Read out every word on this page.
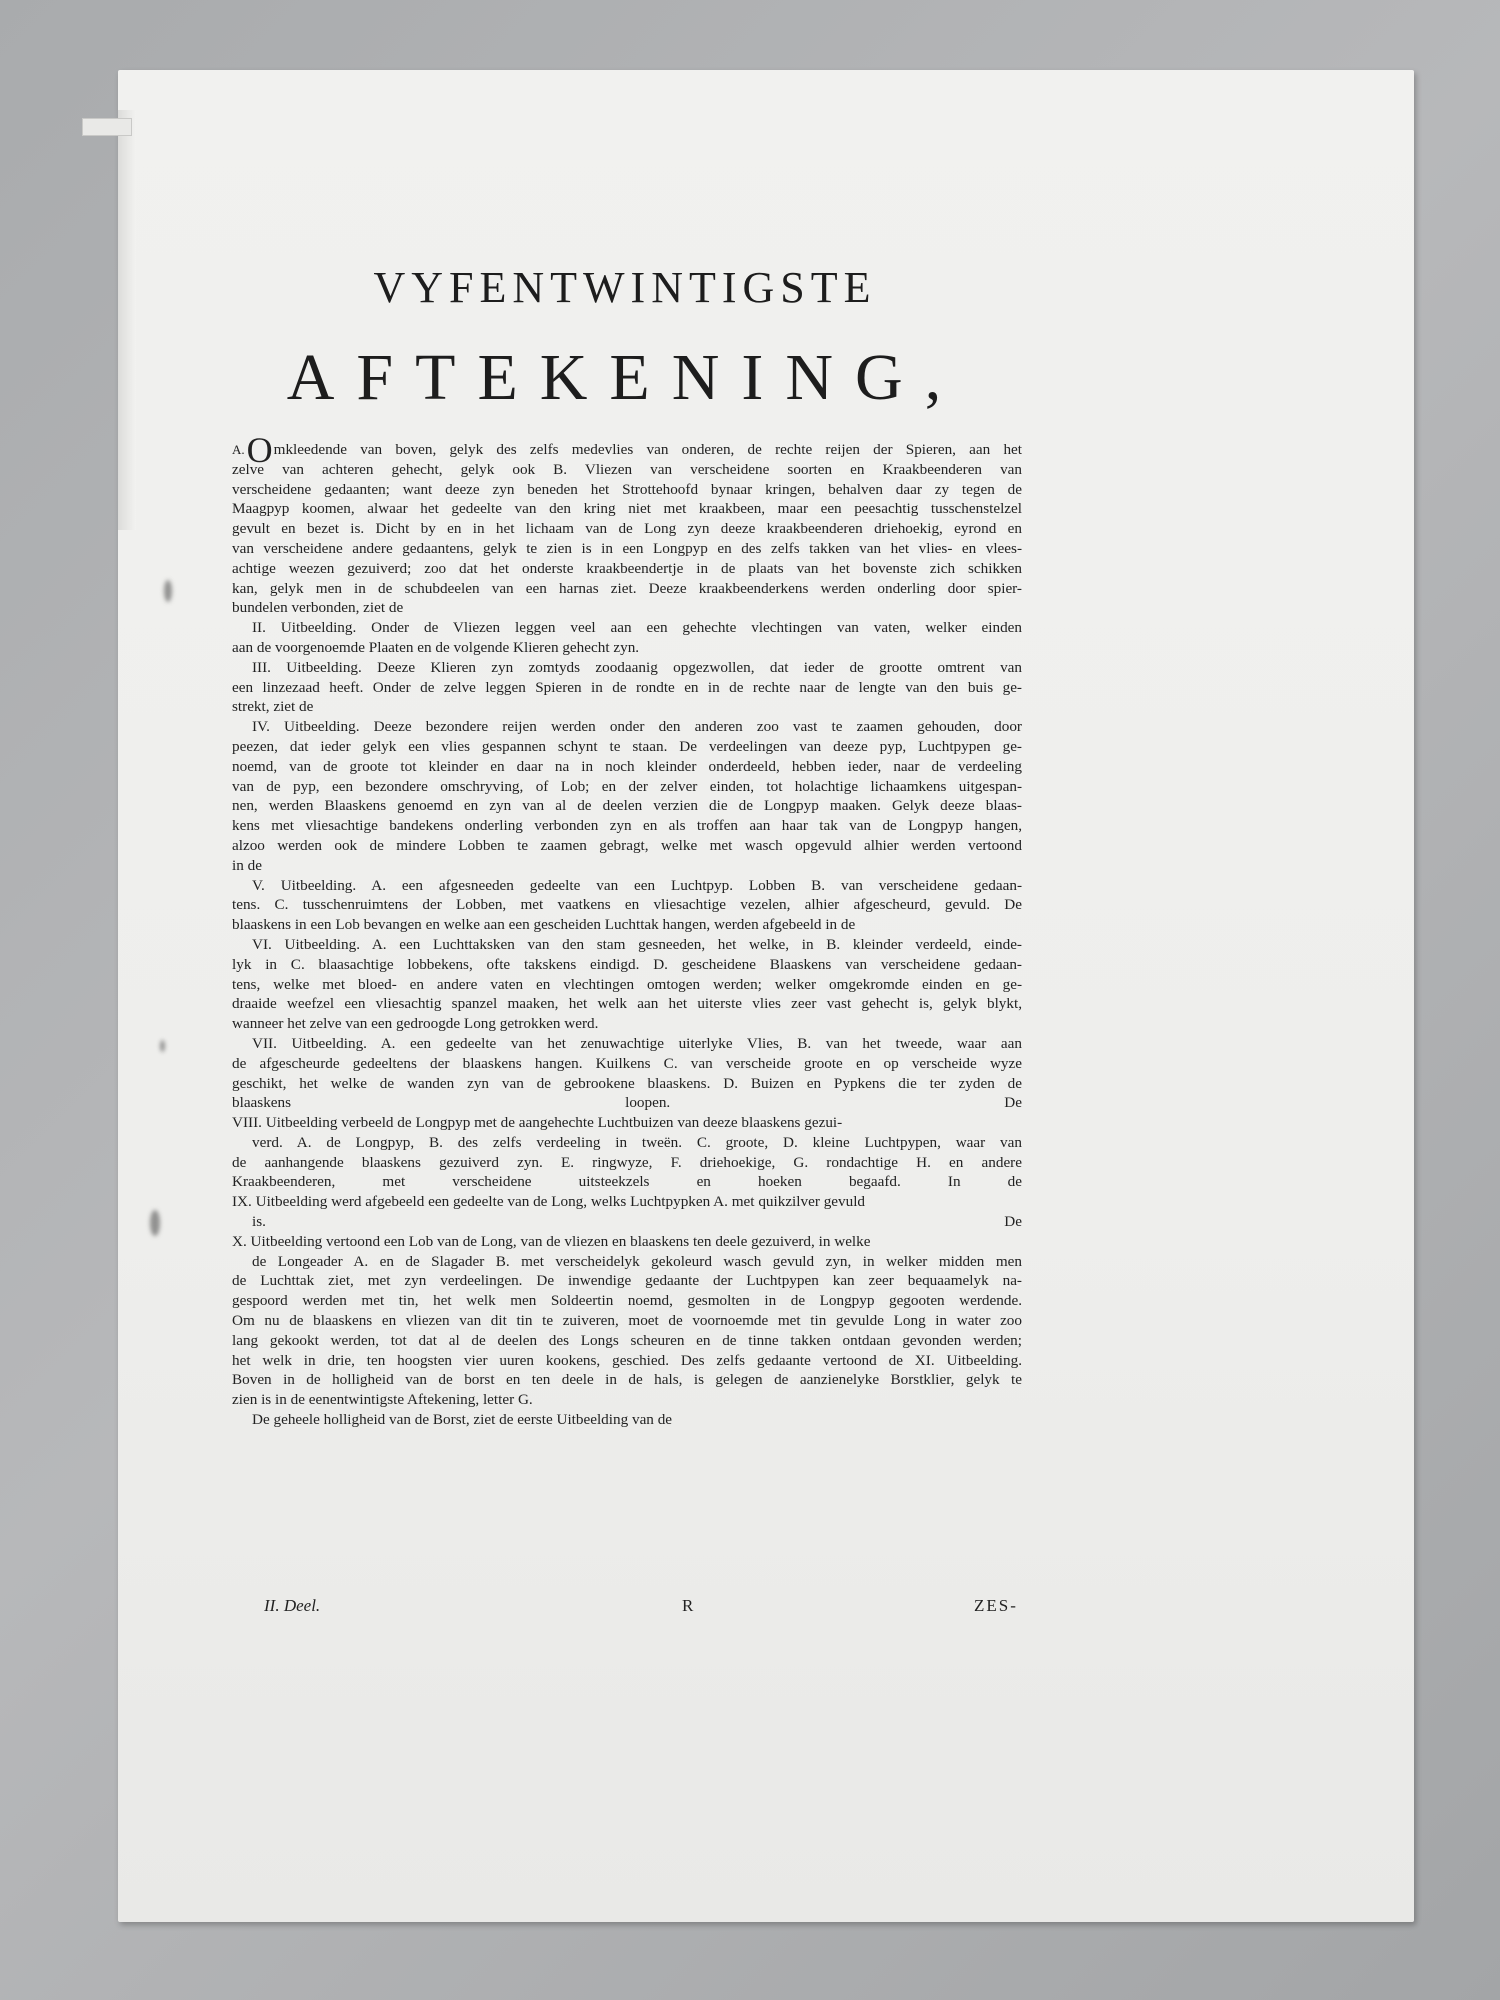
VYFENTWINTIGSTE
AFTEKENING,
A.Omkleedende van boven, gelyk des zelfs medevlies van onderen, de rechte reijen der Spieren, aan het
zelve van achteren gehecht, gelyk ook B. Vliezen van verscheidene soorten en Kraakbeenderen van
verscheidene gedaanten; want deeze zyn beneden het Strottehoofd bynaar kringen, behalven daar zy tegen de
Maagpyp koomen, alwaar het gedeelte van den kring niet met kraakbeen, maar een peesachtig tusschenstelzel
gevult en bezet is. Dicht by en in het lichaam van de Long zyn deeze kraakbeenderen driehoekig, eyrond en
van verscheidene andere gedaantens, gelyk te zien is in een Longpyp en des zelfs takken van het vlies- en vlees-
achtige weezen gezuiverd; zoo dat het onderste kraakbeendertje in de plaats van het bovenste zich schikken
kan, gelyk men in de schubdeelen van een harnas ziet. Deeze kraakbeenderkens werden onderling door spier-
bundelen verbonden, ziet de
II. Uitbeelding. Onder de Vliezen leggen veel aan een gehechte vlechtingen van vaten, welker einden
aan de voorgenoemde Plaaten en de volgende Klieren gehecht zyn.
III. Uitbeelding. Deeze Klieren zyn zomtyds zoodaanig opgezwollen, dat ieder de grootte omtrent van
een linzezaad heeft. Onder de zelve leggen Spieren in de rondte en in de rechte naar de lengte van den buis ge-
strekt, ziet de
IV. Uitbeelding. Deeze bezondere reijen werden onder den anderen zoo vast te zaamen gehouden, door
peezen, dat ieder gelyk een vlies gespannen schynt te staan. De verdeelingen van deeze pyp, Luchtpypen ge-
noemd, van de groote tot kleinder en daar na in noch kleinder onderdeeld, hebben ieder, naar de verdeeling
van de pyp, een bezondere omschryving, of Lob; en der zelver einden, tot holachtige lichaamkens uitgespan-
nen, werden Blaaskens genoemd en zyn van al de deelen verzien die de Longpyp maaken. Gelyk deeze blaas-
kens met vliesachtige bandekens onderling verbonden zyn en als troffen aan haar tak van de Longpyp hangen,
alzoo werden ook de mindere Lobben te zaamen gebragt, welke met wasch opgevuld alhier werden vertoond
in de
V. Uitbeelding. A. een afgesneeden gedeelte van een Luchtpyp. Lobben B. van verscheidene gedaan-
tens. C. tusschenruimtens der Lobben, met vaatkens en vliesachtige vezelen, alhier afgescheurd, gevuld. De
blaaskens in een Lob bevangen en welke aan een gescheiden Luchttak hangen, werden afgebeeld in de
VI. Uitbeelding. A. een Luchttaksken van den stam gesneeden, het welke, in B. kleinder verdeeld, einde-
lyk in C. blaasachtige lobbekens, ofte takskens eindigd. D. gescheidene Blaaskens van verscheidene gedaan-
tens, welke met bloed- en andere vaten en vlechtingen omtogen werden; welker omgekromde einden en ge-
draaide weefzel een vliesachtig spanzel maaken, het welk aan het uiterste vlies zeer vast gehecht is, gelyk blykt,
wanneer het zelve van een gedroogde Long getrokken werd.
VII. Uitbeelding. A. een gedeelte van het zenuwachtige uiterlyke Vlies, B. van het tweede, waar aan
de afgescheurde gedeeltens der blaaskens hangen. Kuilkens C. van verscheide groote en op verscheide wyze
geschikt, het welke de wanden zyn van de gebrookene blaaskens. D. Buizen en Pypkens die ter zyden de
blaaskens loopen. De
VIII. Uitbeelding verbeeld de Longpyp met de aangehechte Luchtbuizen van deeze blaaskens gezui-
verd. A. de Longpyp, B. des zelfs verdeeling in tweën. C. groote, D. kleine Luchtpypen, waar van
de aanhangende blaaskens gezuiverd zyn. E. ringwyze, F. driehoekige, G. rondachtige H. en andere
Kraakbeenderen, met verscheidene uitsteekzels en hoeken begaafd. In de
IX. Uitbeelding werd afgebeeld een gedeelte van de Long, welks Luchtpypken A. met quikzilver gevuld
is. De
X. Uitbeelding vertoond een Lob van de Long, van de vliezen en blaaskens ten deele gezuiverd, in welke
de Longeader A. en de Slagader B. met verscheidelyk gekoleurd wasch gevuld zyn, in welker midden men
de Luchttak ziet, met zyn verdeelingen. De inwendige gedaante der Luchtpypen kan zeer bequaamelyk na-
gespoord werden met tin, het welk men Soldeertin noemd, gesmolten in de Longpyp gegooten werdende.
Om nu de blaaskens en vliezen van dit tin te zuiveren, moet de voornoemde met tin gevulde Long in water zoo
lang gekookt werden, tot dat al de deelen des Longs scheuren en de tinne takken ontdaan gevonden werden;
het welk in drie, ten hoogsten vier uuren kookens, geschied. Des zelfs gedaante vertoond de XI. Uitbeelding.
Boven in de holligheid van de borst en ten deele in de hals, is gelegen de aanzienelyke Borstklier, gelyk te
zien is in de eenentwintigste Aftekening, letter G.
De geheele holligheid van de Borst, ziet de eerste Uitbeelding van de
II. Deel.	R	ZES-
